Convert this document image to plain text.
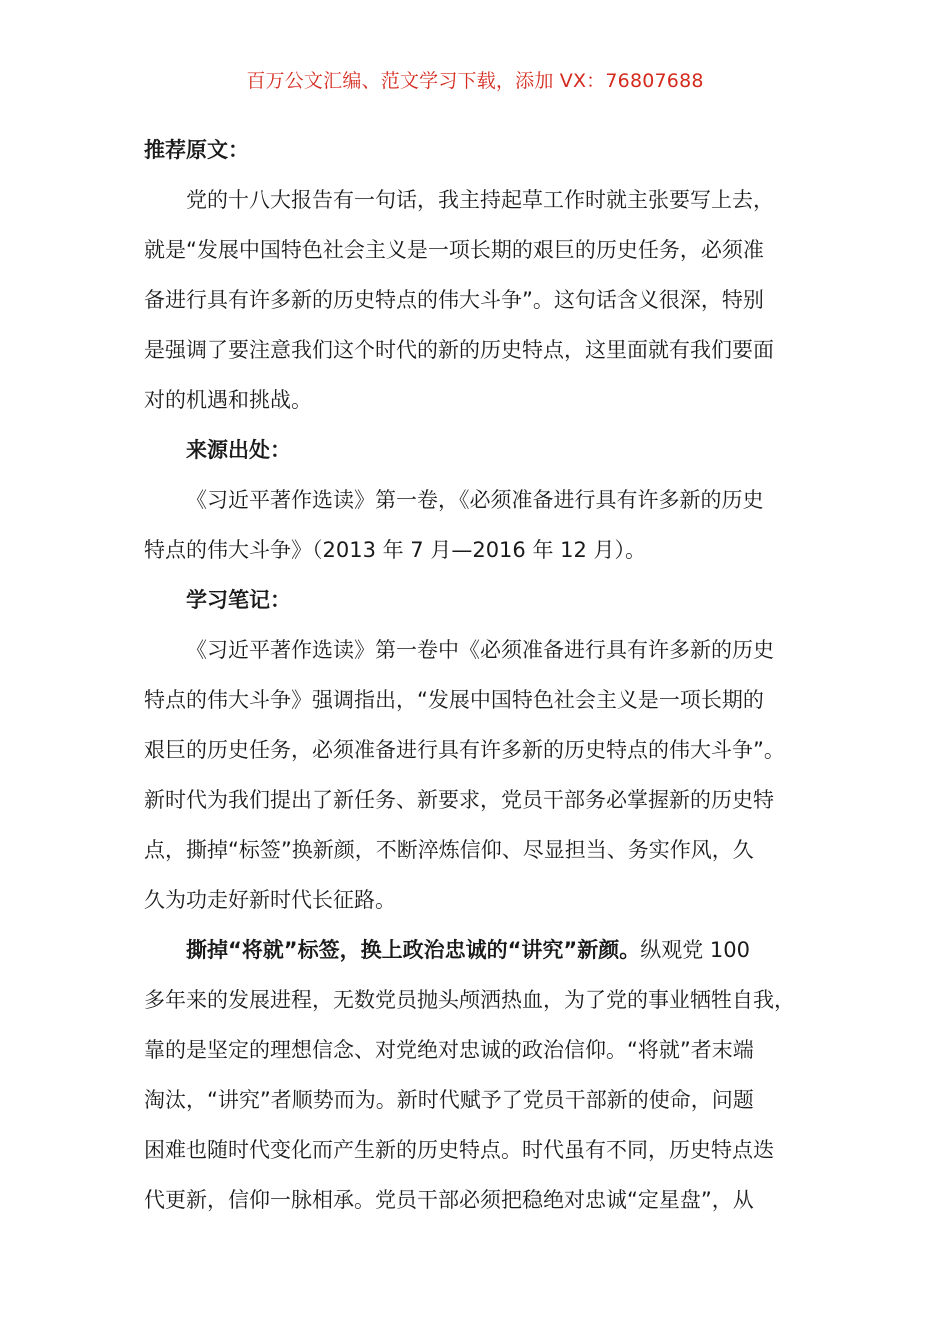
百万公文汇编、范文学习下载，添加 VX：76807688
推荐原文：
党的十八大报告有一句话，我主持起草工作时就主张要写上去，
就是“发展中国特色社会主义是一项长期的艰巨的历史任务，必须准
备进行具有许多新的历史特点的伟大斗争”。这句话含义很深，特别
是强调了要注意我们这个时代的新的历史特点，这里面就有我们要面
对的机遇和挑战。
来源出处：
《习近平著作选读》第一卷，《必须准备进行具有许多新的历史
特点的伟大斗争》（2013 年 7 月—2016 年 12 月）。
学习笔记：
《习近平著作选读》第一卷中《必须准备进行具有许多新的历史
特点的伟大斗争》强调指出，“发展中国特色社会主义是一项长期的
艰巨的历史任务，必须准备进行具有许多新的历史特点的伟大斗争”。
新时代为我们提出了新任务、新要求，党员干部务必掌握新的历史特
点，撕掉“标签”换新颜，不断淬炼信仰、尽显担当、务实作风，久
久为功走好新时代长征路。
撕掉“将就”标签，换上政治忠诚的“讲究”新颜。纵观党 100
多年来的发展进程，无数党员抛头颅洒热血，为了党的事业牺牲自我，
靠的是坚定的理想信念、对党绝对忠诚的政治信仰。“将就”者末端
淘汰，“讲究”者顺势而为。新时代赋予了党员干部新的使命，问题
困难也随时代变化而产生新的历史特点。时代虽有不同，历史特点迭
代更新，信仰一脉相承。党员干部必须把稳绝对忠诚“定星盘”，从
